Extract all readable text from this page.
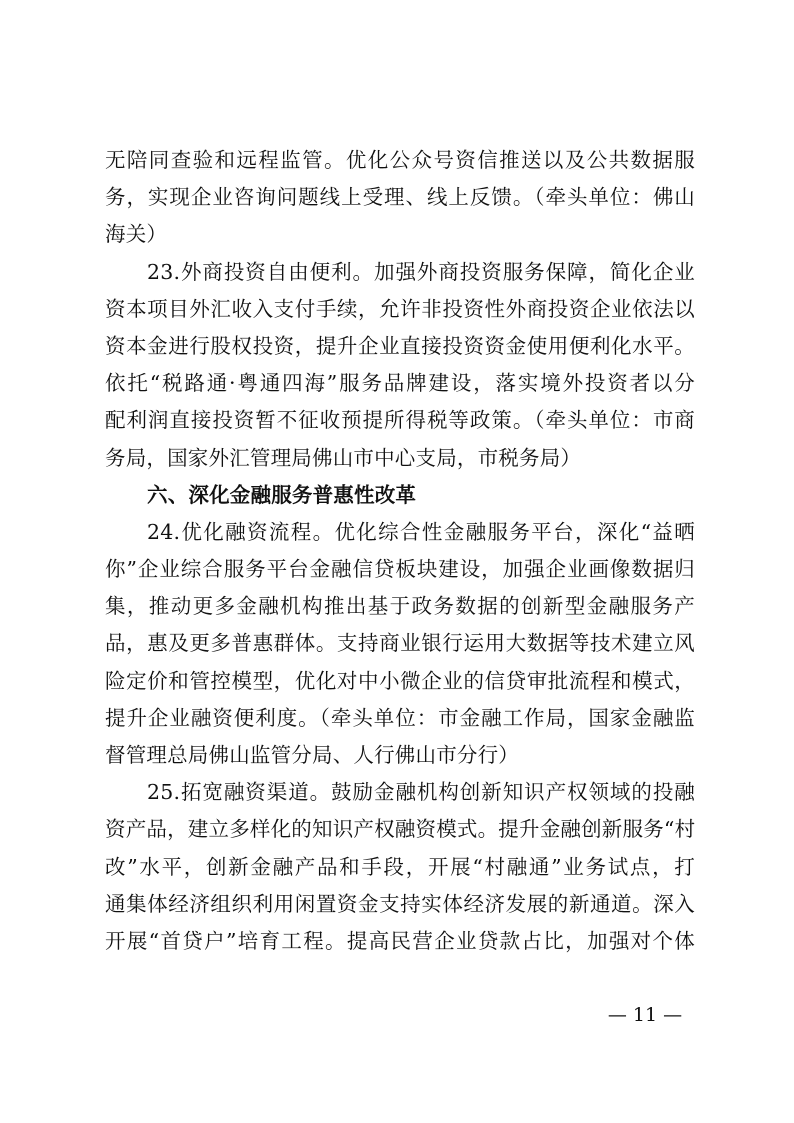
无陪同查验和远程监管。优化公众号资信推送以及公共数据服
务，实现企业咨询问题线上受理、线上反馈。（牵头单位：佛山
海关）
23.外商投资自由便利。加强外商投资服务保障，简化企业
资本项目外汇收入支付手续，允许非投资性外商投资企业依法以
资本金进行股权投资，提升企业直接投资资金使用便利化水平。
依托“税路通·粤通四海”服务品牌建设，落实境外投资者以分
配利润直接投资暂不征收预提所得税等政策。（牵头单位：市商
务局，国家外汇管理局佛山市中心支局，市税务局）
六、深化金融服务普惠性改革
24.优化融资流程。优化综合性金融服务平台，深化“益晒
你”企业综合服务平台金融信贷板块建设，加强企业画像数据归
集，推动更多金融机构推出基于政务数据的创新型金融服务产
品，惠及更多普惠群体。支持商业银行运用大数据等技术建立风
险定价和管控模型，优化对中小微企业的信贷审批流程和模式，
提升企业融资便利度。（牵头单位：市金融工作局，国家金融监
督管理总局佛山监管分局、人行佛山市分行）
25.拓宽融资渠道。鼓励金融机构创新知识产权领域的投融
资产品，建立多样化的知识产权融资模式。提升金融创新服务“村
改”水平，创新金融产品和手段，开展“村融通”业务试点，打
通集体经济组织利用闲置资金支持实体经济发展的新通道。深入
开展“首贷户”培育工程。提高民营企业贷款占比，加强对个体
— 11 —
